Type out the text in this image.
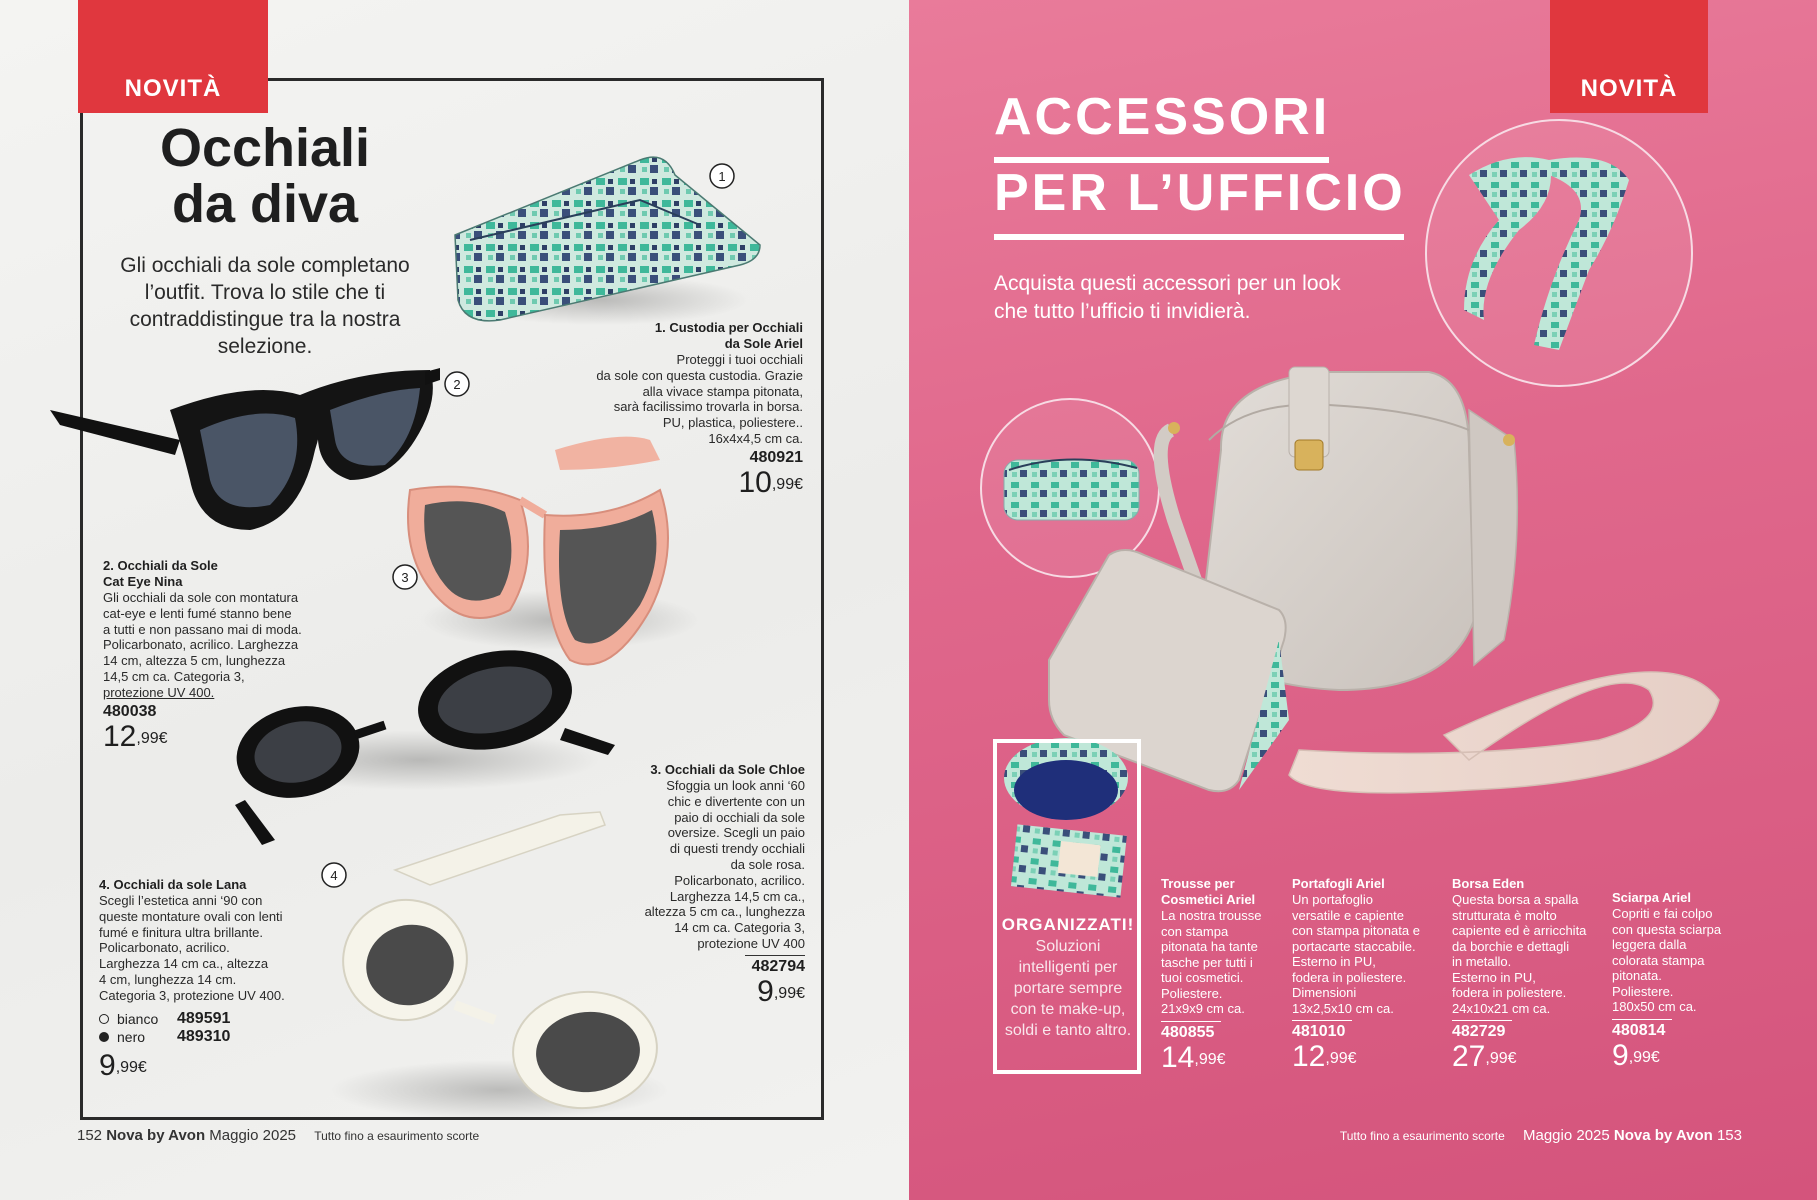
NOVITÀ
1
2
3
4
Occhiali
da diva
Gli occhiali da sole completano l’outfit. Trova lo stile che ti contraddistingue tra la nostra selezione.
1. Custodia per Occhiali
da Sole Ariel
Proteggi i tuoi occhiali
da sole con questa custodia. Grazie
alla vivace stampa pitonata,
sarà facilissimo trovarla in borsa.
PU, plastica, poliestere..
16x4x4,5 cm ca.
480921
$10^{,99€}$
2. Occhiali da Sole
Cat Eye Nina
Gli occhiali da sole con montatura
cat-eye e lenti fumé stanno bene
a tutti e non passano mai di moda.
Policarbonato, acrilico. Larghezza
14 cm, altezza 5 cm, lunghezza
14,5 cm ca. Categoria 3,
protezione UV 400.
480038
$12^{,99€}$
3. Occhiali da Sole Chloe
Sfoggia un look anni ‘60
chic e divertente con un
paio di occhiali da sole
oversize. Scegli un paio
di questi trendy occhiali
da sole rosa.
Policarbonato, acrilico.
Larghezza 14,5 cm ca.,
altezza 5 cm ca., lunghezza
14 cm ca. Categoria 3,
protezione UV 400
482794
$9^{,99€}$
4. Occhiali da sole Lana
Scegli l’estetica anni ‘90 con
queste montature ovali con lenti
fumé e finitura ultra brillante.
Policarbonato, acrilico.
Larghezza 14 cm ca., altezza
4 cm, lunghezza 14 cm.
Categoria 3, protezione UV 400.
bianco	489591
nero	489310
$9^{,99€}$
152 Nova by Avon Maggio 2025 Tutto fino a esaurimento scorte
NOVITÀ
ACCESSORI
PER L’UFFICIO
Acquista questi accessori per un look che tutto l’ufficio ti invidierà.
ORGANIZZATI!
Soluzioni intelligenti per portare sempre con te make-up, soldi e tanto altro.
Trousse per
Cosmetici Ariel
La nostra trousse
con stampa
pitonata ha tante
tasche per tutti i
tuoi cosmetici.
Poliestere.
21x9x9 cm ca.
480855
$14^{,99€}$
Portafogli Ariel
Un portafoglio
versatile e capiente
con stampa pitonata e
portacarte staccabile.
Esterno in PU,
fodera in poliestere.
Dimensioni
13x2,5x10 cm ca.
481010
$12^{,99€}$
Borsa Eden
Questa borsa a spalla
strutturata è molto
capiente ed è arricchita
da borchie e dettagli
in metallo.
Esterno in PU,
fodera in poliestere.
24x10x21 cm ca.
482729
$27^{,99€}$
Sciarpa Ariel
Copriti e fai colpo
con questa sciarpa
leggera dalla
colorata stampa
pitonata.
Poliestere.
180x50 cm ca.
480814
$9^{,99€}$
Tutto fino a esaurimento scorte Maggio 2025 Nova by Avon 153
